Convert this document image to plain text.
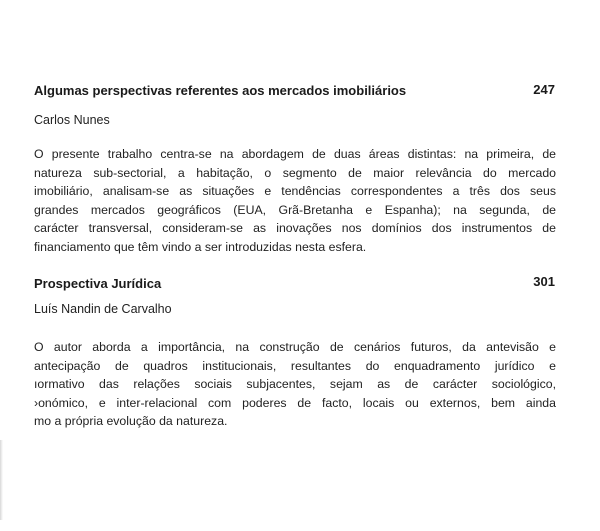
Algumas perspectivas referentes aos mercados imobiliários	247
Carlos Nunes
O presente trabalho centra-se na abordagem de duas áreas distintas: na primeira, de
natureza sub-sectorial, a habitação, o segmento de maior relevância do mercado
imobiliário, analisam-se as situações e tendências correspondentes a três dos seus
grandes mercados geográficos (EUA, Grã-Bretanha e Espanha); na segunda, de
carácter transversal, consideram-se as inovações nos domínios dos instrumentos de
financiamento que têm vindo a ser introduzidas nesta esfera.
Prospectiva Jurídica	301
Luís Nandin de Carvalho
O autor aborda a importância, na construção de cenários futuros, da antevisão e
antecipação de quadros institucionais, resultantes do enquadramento jurídico e
ıormativo das relações sociais subjacentes, sejam as de carácter sociológico,
›onómico, e inter-relacional com poderes de facto, locais ou externos, bem ainda
mo a própria evolução da natureza.
